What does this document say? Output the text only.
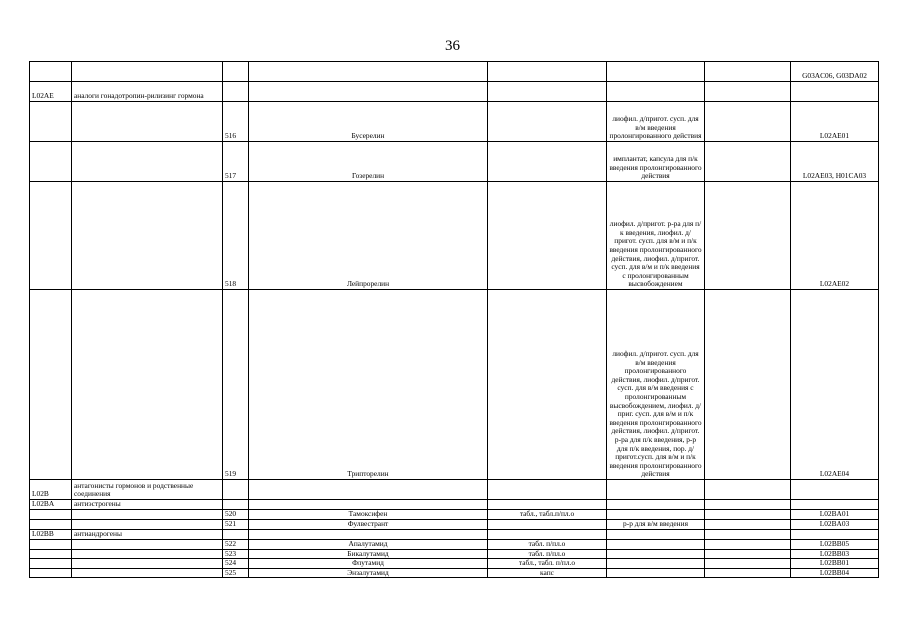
36
							G03AC06, G03DA02
L02AE	аналоги гонадотропин-рилизинг гормона						
		516	Бусерелин		лиофил. д/пригот. сусп. для в/м введения пролонгированного действия		L02AE01
		517	Гозерелин		имплантат, капсула для п/к введения пролонгированного действия		L02AE03, H01CA03
		518	Лейпрорелин		лиофил. д/пригот. р-ра для п/к введения, лиофил. д/пригот. сусп. для в/м и п/к введения пролонгированного действия, лиофил. д/пригот. сусп. для в/м и п/к введения с пролонгированным высвобождением		L02AE02
		519	Трипторелин		лиофил. д/пригот. сусп. для в/м введения пролонгированного действия, лиофил. д/пригот. сусп. для в/м введения с пролонгированным высвобождением, лиофил. д/приг. сусп. для в/м и п/к введения пролонгированного действия, лиофил. д/пригот. р-ра для п/к введения, р-р для п/к введения, пор. д/пригот.сусп. для в/м и п/к введения пролонгированного действия		L02AE04
L02B	антагонисты гормонов и родственные соединения						
L02BA	антиэстрогены						
		520	Тамоксифен	табл., табл.п/пл.о			L02BA01
		521	Фулвестрант		р-р для в/м введения		L02BA03
L02BB	антиандрогены						
		522	Апалутамид	табл. п/пл.о			L02BB05
		523	Бикалутамид	табл. п/пл.о			L02BB03
		524	Флутамид	табл., табл. п/пл.о			L02BB01
		525	Энзалутамид	капс			L02BB04
